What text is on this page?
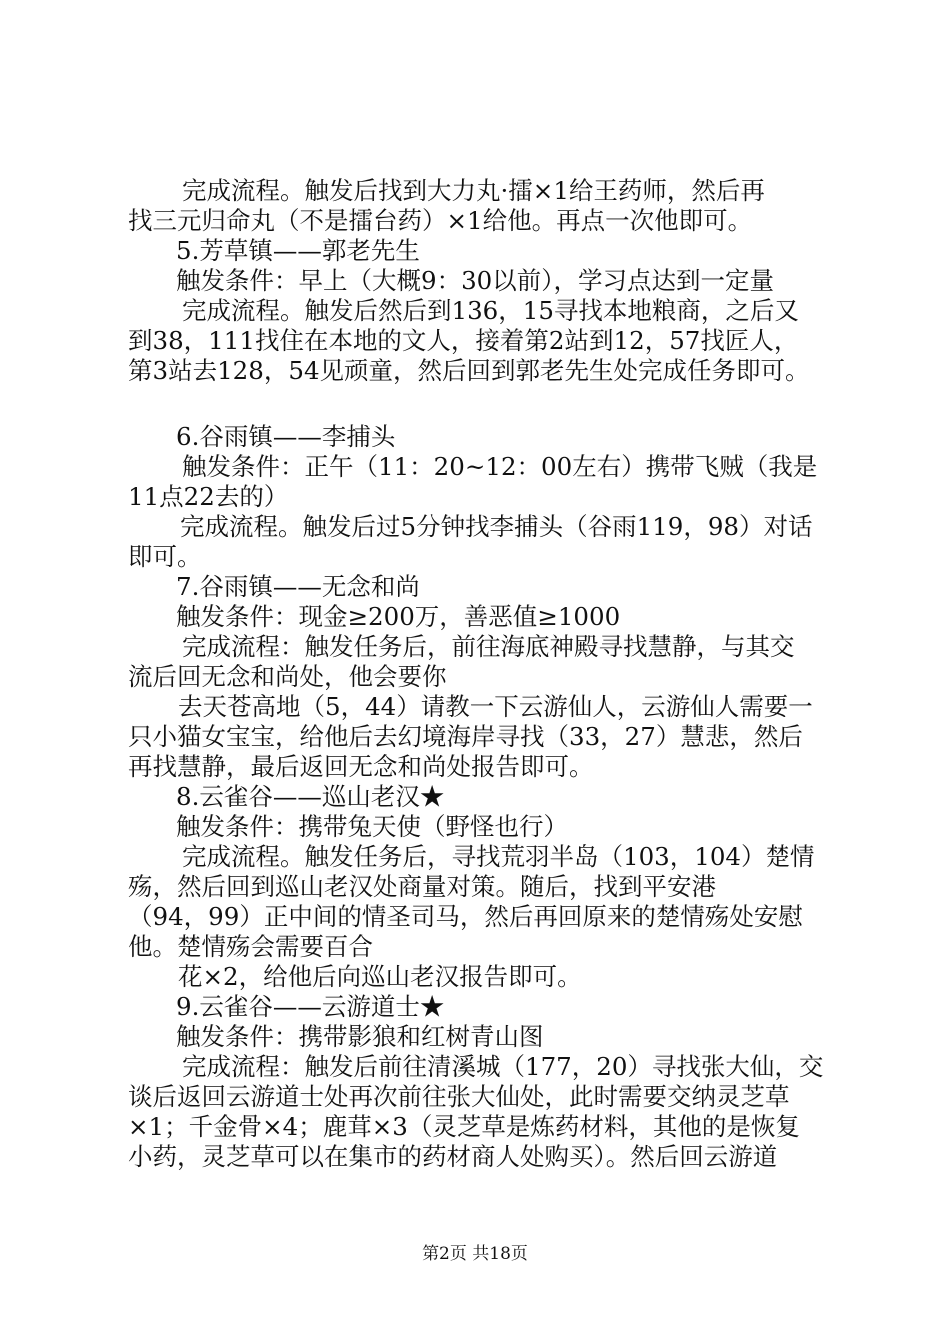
完成流程。触发后找到大力丸·擂×1给王药师，然后再
找三元归命丸（不是擂台药）×1给他。再点一次他即可。
5.芳草镇——郭老先生
触发条件：早上（大概9：30以前），学习点达到一定量
完成流程。触发后然后到136，15寻找本地粮商，之后又
到38，111找住在本地的文人，接着第2站到12，57找匠人，
第3站去128，54见顽童，然后回到郭老先生处完成任务即可。
6.谷雨镇——李捕头
触发条件：正午（11：20~12：00左右）携带飞贼（我是
11点22去的）
完成流程。触发后过5分钟找李捕头（谷雨119，98）对话
即可。
7.谷雨镇——无念和尚
触发条件：现金≥200万，善恶值≥1000
完成流程：触发任务后，前往海底神殿寻找慧静，与其交
流后回无念和尚处，他会要你
去天苍高地（5，44）请教一下云游仙人，云游仙人需要一
只小猫女宝宝，给他后去幻境海岸寻找（33，27）慧悲，然后
再找慧静，最后返回无念和尚处报告即可。
8.云雀谷——巡山老汉★
触发条件：携带兔天使（野怪也行）
完成流程。触发任务后，寻找荒羽半岛（103，104）楚情
殇，然后回到巡山老汉处商量对策。随后，找到平安港
（94，99）正中间的情圣司马，然后再回原来的楚情殇处安慰
他。楚情殇会需要百合
花×2，给他后向巡山老汉报告即可。
9.云雀谷——云游道士★
触发条件：携带影狼和红树青山图
完成流程：触发后前往清溪城（177，20）寻找张大仙，交
谈后返回云游道士处再次前往张大仙处，此时需要交纳灵芝草
×1；千金骨×4；鹿茸×3（灵芝草是炼药材料，其他的是恢复
小药，灵芝草可以在集市的药材商人处购买）。然后回云游道
第2页 共18页
